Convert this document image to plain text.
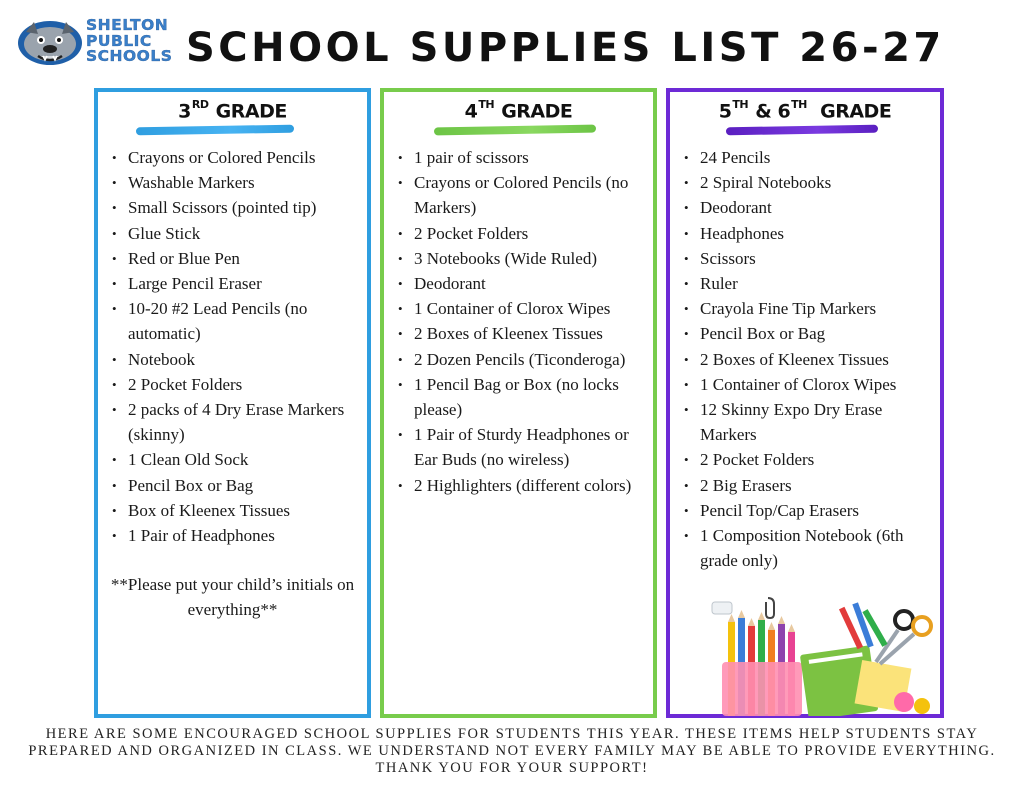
SHELTON
PUBLIC
SCHOOLS SCHOOL SUPPLIES LIST 26-27
3RD GRADE
• Crayons or Colored Pencils
• Washable Markers
• Small Scissors (pointed tip)
• Glue Stick
• Red or Blue Pen
• Large Pencil Eraser
• 10-20 #2 Lead Pencils (no automatic)
• Notebook
• 2 Pocket Folders
• 2 packs of 4 Dry Erase Markers (skinny)
• 1 Clean Old Sock
• Pencil Box or Bag
• Box of Kleenex Tissues
• 1 Pair of Headphones
**Please put your child’s initials on everything**
4TH GRADE
• 1 pair of scissors
• Crayons or Colored Pencils (no Markers)
• 2 Pocket Folders
• 3 Notebooks (Wide Ruled)
• Deodorant
• 1 Container of Clorox Wipes
• 2 Boxes of Kleenex Tissues
• 2 Dozen Pencils (Ticonderoga)
• 1 Pencil Bag or Box (no locks please)
• 1 Pair of Sturdy Headphones or Ear Buds (no wireless)
• 2 Highlighters (different colors)
5TH & 6TH GRADE
• 24 Pencils
• 2 Spiral Notebooks
• Deodorant
• Headphones
• Scissors
• Ruler
• Crayola Fine Tip Markers
• Pencil Box or Bag
• 2 Boxes of Kleenex Tissues
• 1 Container of Clorox Wipes
• 12 Skinny Expo Dry Erase Markers
• 2 Pocket Folders
• 2 Big Erasers
• Pencil Top/Cap Erasers
• 1 Composition Notebook (6th grade only)
HERE ARE SOME ENCOURAGED SCHOOL SUPPLIES FOR STUDENTS THIS YEAR. THESE ITEMS HELP STUDENTS STAY PREPARED AND ORGANIZED IN CLASS. WE UNDERSTAND NOT EVERY FAMILY MAY BE ABLE TO PROVIDE EVERYTHING. THANK YOU FOR YOUR SUPPORT!
